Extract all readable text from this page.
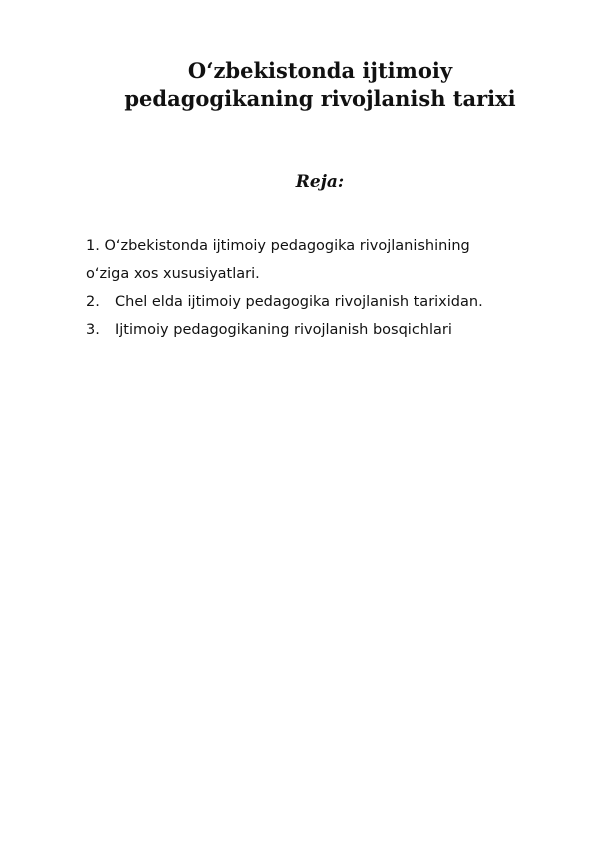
O‘zbekistonda ijtimoiy
pedagogikaning rivojlanish tarixi
Reja:
1. O‘zbekistonda ijtimoiy pedagogika rivojlanishining
o‘ziga xos xususiyatlari.
2. Chel elda ijtimoiy pedagogika rivojlanish tarixidan.
3. Ijtimoiy pedagogikaning rivojlanish bosqichlari
